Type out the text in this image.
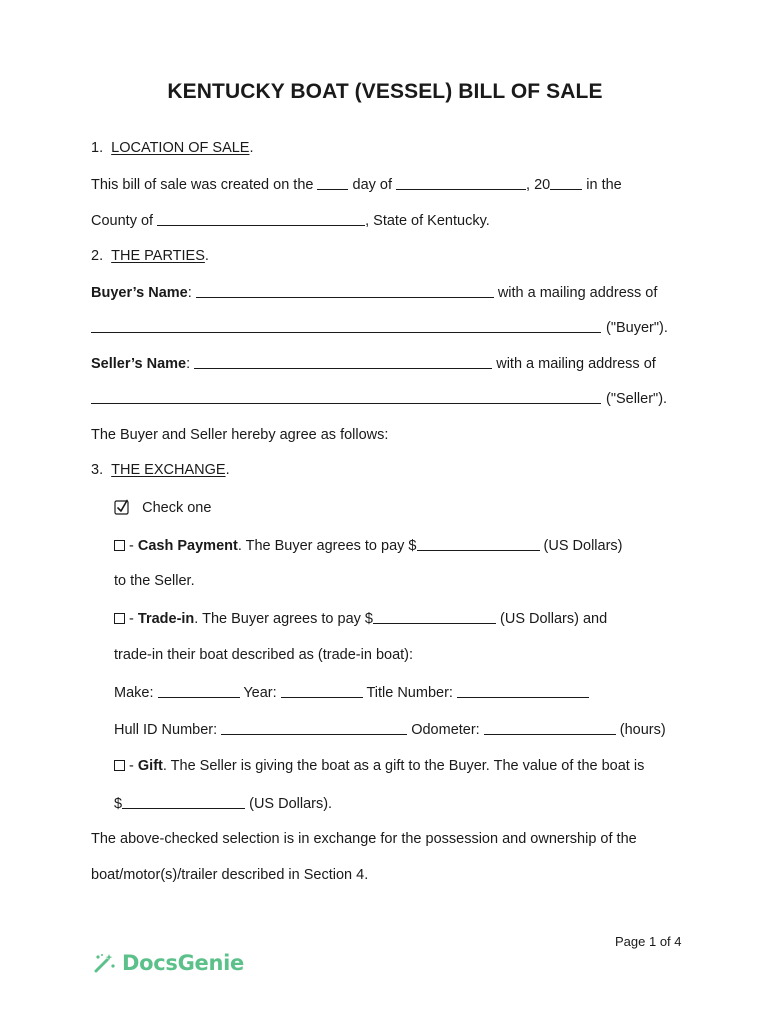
KENTUCKY BOAT (VESSEL) BILL OF SALE
1. LOCATION OF SALE.
This bill of sale was created on the	day of	, 20 in the
County of	, State of Kentucky.
2. THE PARTIES.
Buyer’s Name:	with a mailing address of
("Buyer").
Seller’s Name:	with a mailing address of
("Seller").
The Buyer and Seller hereby agree as follows:
3. THE EXCHANGE.
Check one
- Cash Payment. The Buyer agrees to pay $	(US Dollars)
to the Seller.
- Trade-in. The Buyer agrees to pay $	(US Dollars) and
trade-in their boat described as (trade-in boat):
Make:	Year:	Title Number:
Hull ID Number:	Odometer:	(hours)
- Gift. The Seller is giving the boat as a gift to the Buyer. The value of the boat is
$	(US Dollars).
The above-checked selection is in exchange for the possession and ownership of the
boat/motor(s)/trailer described in Section 4.
Page 1 of 4
DocsGenie
